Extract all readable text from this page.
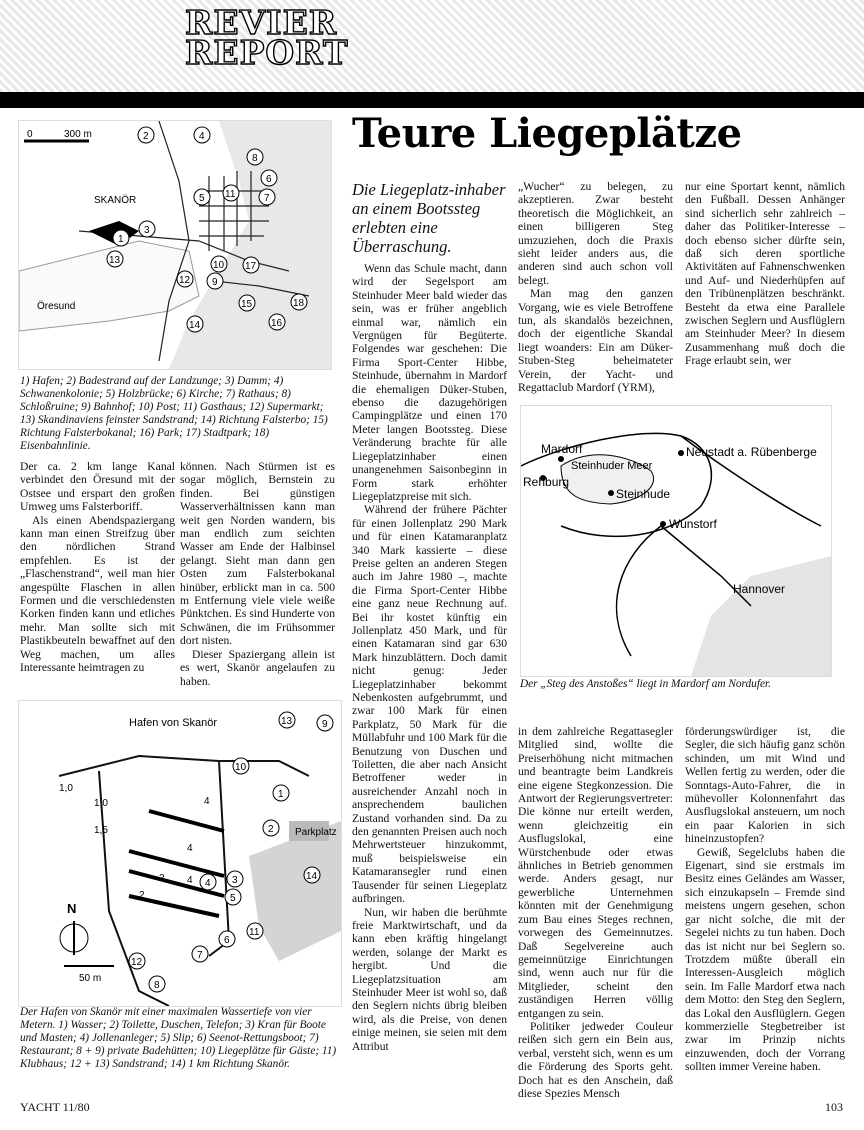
REVIER
REPORT
Teure Liegeplätze
Die Liegeplatz-inhaber an einem Bootssteg erlebten eine Überraschung.
0	300 m
SKANÖR
Öresund
1
2
3
4
5
6
7
8
9
10
11
12
13
14
15
16
17
18
1) Hafen; 2) Badestrand auf der Landzunge; 3) Damm; 4) Schwanenkolonie; 5) Holzbrücke; 6) Kirche; 7) Rathaus; 8) Schloßruine; 9) Bahnhof; 10) Post; 11) Gasthaus; 12) Supermarkt; 13) Skandinaviens feinster Sandstrand; 14) Richtung Falsterbo; 15) Richtung Falsterbokanal; 16) Park; 17) Stadtpark; 18) Eisenbahnlinie.

Der ca. 2 km lange Kanal verbindet den Öresund mit der Ostsee und erspart den großen Umweg ums Falsterboriff.

Als einen Abendspaziergang kann man einen Streifzug über den nördlichen Strand empfehlen. Es ist der „Flaschenstrand“, weil man hier angespülte Flaschen in allen Formen und die verschiedensten Korken finden kann und etliches mehr. Man sollte sich mit Plastikbeuteln bewaffnet auf den Weg machen, um alles Interessante heimtragen zu

können. Nach Stürmen ist es sogar möglich, Bernstein zu finden. Bei günstigen Wasserverhältnissen kann man weit gen Norden wandern, bis man endlich zum seichten Wasser am Ende der Halbinsel gelangt. Sieht man dann gen Osten zum Falsterbokanal hinüber, erblickt man in ca. 500 m Entfernung viele viele weiße Pünktchen. Es sind Hunderte von Schwänen, die im Frühsommer dort nisten.

Dieser Spaziergang allein ist es wert, Skanör angelaufen zu haben.

Hafen von Skanör
Parkplatz
50 m
N
1,0
1,0
1,5
4
4
4
2
2
1
2
3
4
5
6
7
8
9
10
11
12
13
14
Der Hafen von Skanör mit einer maximalen Wassertiefe von vier Metern. 1) Wasser; 2) Toilette, Duschen, Telefon; 3) Kran für Boote und Masten; 4) Jollenanleger; 5) Slip; 6) Seenot-Rettungsboot; 7) Restaurant; 8 + 9) private Badehütten; 10) Liegeplätze für Gäste; 11) Klubhaus; 12 + 13) Sandstrand; 14) 1 km Richtung Skanör.

Wenn das Schule macht, dann wird der Segelsport am Steinhuder Meer bald wieder das sein, was er früher angeblich einmal war, nämlich ein Vergnügen für Begüterte. Folgendes war geschehen: Die Firma Sport-Center Hibbe, Steinhude, übernahm in Mardorf die ehemaligen Düker-Stuben, ebenso die dazugehörigen Campingplätze und einen 170 Meter langen Bootssteg. Diese Veränderung brachte für alle Liegeplatzinhaber einen unangenehmen Saisonbeginn in Form stark erhöhter Liegeplatzpreise mit sich.

Während der frühere Pächter für einen Jollenplatz 290 Mark und für einen Katamaranplatz 340 Mark kassierte – diese Preise gelten an anderen Stegen auch im Jahre 1980 –, machte die Firma Sport-Center Hibbe eine ganz neue Rechnung auf. Bei ihr kostet künftig ein Jollenplatz 450 Mark, und für einen Katamaran sind gar 630 Mark hinzublättern. Doch damit nicht genug: Jeder Liegeplatzinhaber bekommt Nebenkosten aufgebrummt, und zwar 100 Mark für einen Parkplatz, 50 Mark für die Müllabfuhr und 100 Mark für die Benutzung von Duschen und Toiletten, die aber nach Ansicht Betroffener weder in ausreichender Anzahl noch in ansprechendem baulichen Zustand vorhanden sind. Da zu den genannten Preisen auch noch Mehrwertsteuer hinzukommt, muß beispielsweise ein Katamaransegler rund einen Tausender für seinen Liegeplatz aufbringen.

Nun, wir haben die berühmte freie Marktwirtschaft, und da kann eben kräftig hingelangt werden, solange der Markt es hergibt. Und die Liegeplatzsituation am Steinhuder Meer ist wohl so, daß den Seglern nichts übrig bleiben wird, als die Preise, von denen einige meinen, sie seien mit dem Attribut

„Wucher“ zu belegen, zu akzeptieren. Zwar besteht theoretisch die Möglichkeit, an einen billigeren Steg umzuziehen, doch die Praxis sieht leider anders aus, die anderen sind auch schon voll belegt.

Man mag den ganzen Vorgang, wie es viele Betroffene tun, als skandalös bezeichnen, doch der eigentliche Skandal liegt woanders: Ein am Düker-Stuben-Steg beheimateter Verein, der Yacht- und Regattaclub Mardorf (YRM),

nur eine Sportart kennt, nämlich den Fußball. Dessen Anhänger sind sicherlich sehr zahlreich – daher das Politiker-Interesse – doch ebenso sicher dürfte sein, daß sich deren sportliche Aktivitäten auf Fahnenschwenken und Auf- und Niederhüpfen auf den Tribünenplätzen beschränkt. Besteht da etwa eine Parallele zwischen Seglern und Ausflüglern am Steinhuder Meer? In diesem Zusammenhang muß doch die Frage erlaubt sein, wer

Mardorf
Rehburg
Steinhuder Meer
Steinhude
Neustadt a. Rübenberge
Wunstorf
Hannover
Der „Steg des Anstoßes“ liegt in Mardorf am Nordufer.

in dem zahlreiche Regattasegler Mitglied sind, wollte die Preiserhöhung nicht mitmachen und beantragte beim Landkreis eine eigene Stegkonzession. Die Antwort der Regierungsvertreter: Die könne nur erteilt werden, wenn gleichzeitig ein Ausflugslokal, eine Würstchenbude oder etwas ähnliches in Betrieb genommen werde. Anders gesagt, nur gewerbliche Unternehmen könnten mit der Genehmigung zum Bau eines Steges rechnen, vorwegen des Gemeinnutzes. Daß Segelvereine auch gemeinnützige Einrichtungen sind, wenn auch nur für die Mitglieder, scheint den zuständigen Herren völlig entgangen zu sein.

Politiker jedweder Couleur reißen sich gern ein Bein aus, verbal, versteht sich, wenn es um die Förderung des Sports geht. Doch hat es den Anschein, daß diese Spezies Mensch

förderungswürdiger ist, die Segler, die sich häufig ganz schön schinden, um mit Wind und Wellen fertig zu werden, oder die Sonntags-Auto-Fahrer, die in mühevoller Kolonnenfahrt das Ausflugslokal ansteuern, um noch ein paar Kalorien in sich hineinzustopfen?

Gewiß, Segelclubs haben die Eigenart, sind sie erstmals im Besitz eines Geländes am Wasser, sich einzukapseln – Fremde sind meistens ungern gesehen, schon gar nicht solche, die mit der Segelei nichts zu tun haben. Doch das ist nicht nur bei Seglern so. Trotzdem müßte überall ein Interessen-Ausgleich möglich sein. Im Falle Mardorf etwa nach dem Motto: den Steg den Seglern, das Lokal den Ausflüglern. Gegen kommerzielle Stegbetreiber ist zwar im Prinzip nichts einzuwenden, doch der Vorrang sollten immer Vereine haben.

YACHT 11/80	103
